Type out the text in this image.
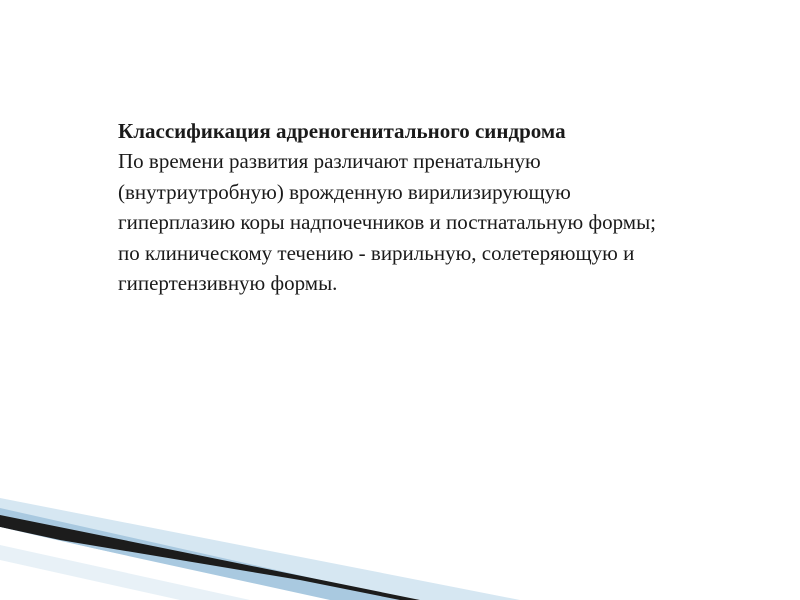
Классификация адреногенитального синдрома

По времени развития различают пренатальную (внутриутробную) врожденную вирилизирующую гиперплазию коры надпочечников и постнатальную формы; по клиническому течению - вирильную, солетеряющую и гипертензивную формы.
